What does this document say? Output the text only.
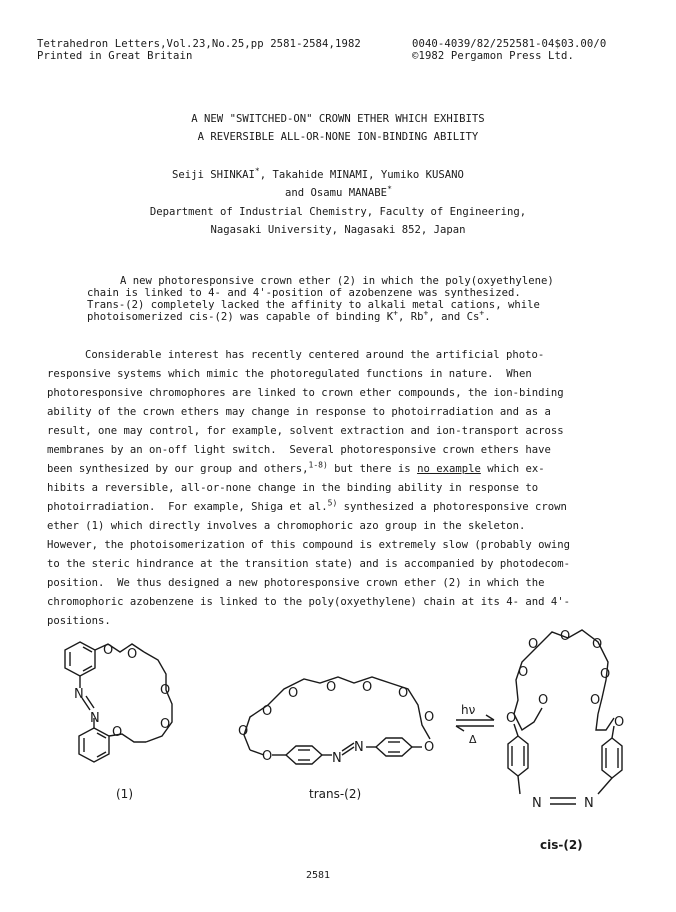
Tetrahedron Letters,Vol.23,No.25,pp 2581-2584,1982
Printed in Great Britain
0040-4039/82/252581-04$03.00/0
©1982 Pergamon Press Ltd.
A NEW "SWITCHED-ON" CROWN ETHER WHICH EXHIBITS
A REVERSIBLE ALL-OR-NONE ION-BINDING ABILITY
Seiji SHINKAI*, Takahide MINAMI, Yumiko KUSANO
and Osamu MANABE*
Department of Industrial Chemistry, Faculty of Engineering,
Nagasaki University, Nagasaki 852, Japan
A new photoresponsive crown ether (2) in which the poly(oxyethylene)
chain is linked to 4- and 4'-position of azobenzene was synthesized.
Trans-(2) completely lacked the affinity to alkali metal cations, while
photoisomerized cis-(2) was capable of binding K+, Rb+, and Cs+.
Considerable interest has recently centered around the artificial photo-
responsive systems which mimic the photoregulated functions in nature.  When
photoresponsive chromophores are linked to crown ether compounds, the ion-binding
ability of the crown ethers may change in response to photoirradiation and as a
result, one may control, for example, solvent extraction and ion-transport across
membranes by an on-off light switch.  Several photoresponsive crown ethers have
been synthesized by our group and others,$^{1-8)}$ but there is no example which ex-
hibits a reversible, all-or-none change in the binding ability in response to
photoirradiation.  For example, Shiga et al.$^{5)}$ synthesized a photoresponsive crown
ether (1) which directly involves a chromophoric azo group in the skeleton.
However, the photoisomerization of this compound is extremely slow (probably owing
to the steric hindrance at the transition state) and is accompanied by photodecom-
position.  We thus designed a new photoresponsive crown ether (2) in which the
chromophoric azobenzene is linked to the poly(oxyethylene) chain at its 4- and 4'-
positions.
O O
O
O
O
N
N	O
O O O O
O
O
O
O
N
N
hν
Δ
O
O
O
O	O
O	O
O	O
N	N
(1)	trans-(2)
cis-(2)
2581
